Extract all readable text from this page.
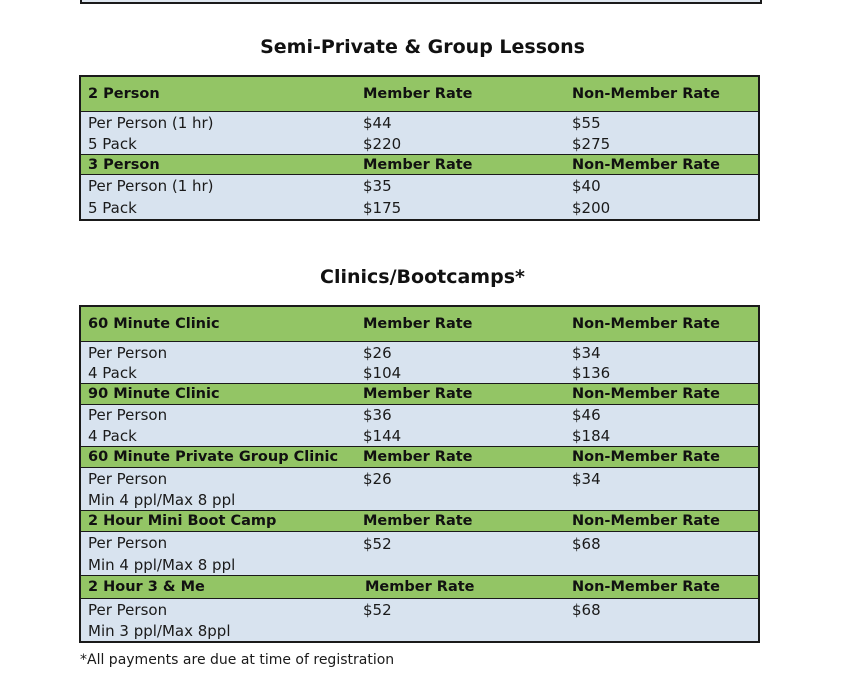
Semi-Private & Group Lessons
2 Person	Member Rate	Non-Member Rate
Per Person (1 hr)	$44	$55
5 Pack	$220	$275
3 Person	Member Rate	Non-Member Rate
Per Person (1 hr)	$35	$40
5 Pack	$175	$200
Clinics/Bootcamps*
60 Minute Clinic	Member Rate	Non-Member Rate
Per Person	$26	$34
4 Pack	$104	$136
90 Minute Clinic	Member Rate	Non-Member Rate
Per Person	$36	$46
4 Pack	$144	$184
60 Minute Private Group Clinic Member Rate	Non-Member Rate
Per Person	$26	$34
Min 4 ppl/Max 8 ppl
2 Hour Mini Boot Camp	Member Rate	Non-Member Rate
Per Person	$52	$68
Min 4 ppl/Max 8 ppl
2 Hour 3 & Me	Member Rate	Non-Member Rate
Per Person	$52	$68
Min 3 ppl/Max 8ppl
*All payments are due at time of registration
